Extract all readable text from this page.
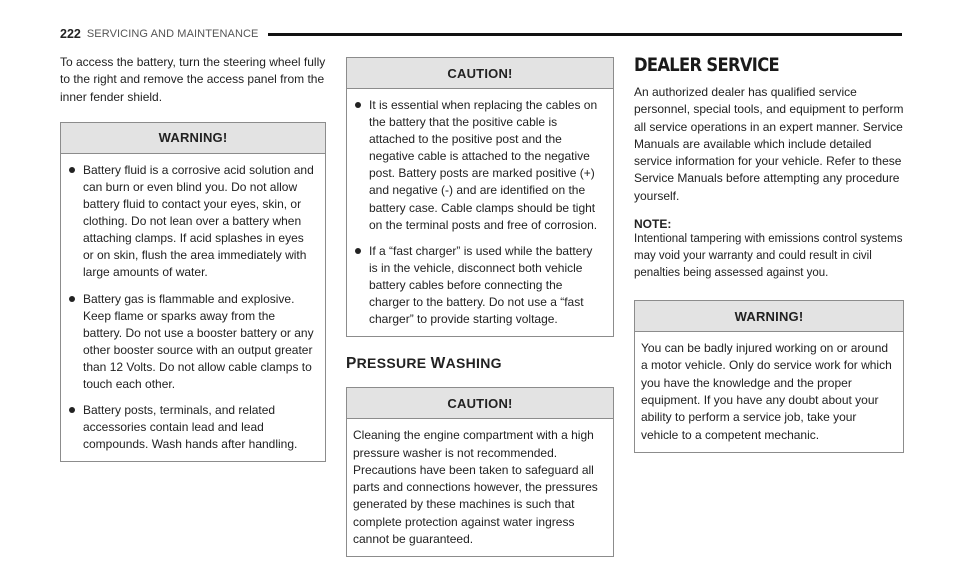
222 SERVICING AND MAINTENANCE

To access the battery, turn the steering wheel fully to the right and remove the access panel from the inner fender shield.

WARNING!
Battery fluid is a corrosive acid solution and can burn or even blind you. Do not allow battery fluid to contact your eyes, skin, or clothing. Do not lean over a battery when attaching clamps. If acid splashes in eyes or on skin, flush the area immediately with large amounts of water.
Battery gas is flammable and explosive. Keep flame or sparks away from the battery. Do not use a booster battery or any other booster source with an output greater than 12 Volts. Do not allow cable clamps to touch each other.
Battery posts, terminals, and related accessories contain lead and lead compounds. Wash hands after handling.
CAUTION!
It is essential when replacing the cables on the battery that the positive cable is attached to the positive post and the negative cable is attached to the negative post. Battery posts are marked positive (+) and negative (-) and are identified on the battery case. Cable clamps should be tight on the terminal posts and free of corrosion.
If a “fast charger” is used while the battery is in the vehicle, disconnect both vehicle battery cables before connecting the charger to the battery. Do not use a “fast charger” to provide starting voltage.
PRESSURE WASHING
CAUTION!

Cleaning the engine compartment with a high pressure washer is not recommended. Precautions have been taken to safeguard all parts and connections however, the pressures generated by these machines is such that complete protection against water ingress cannot be guaranteed.

DEALER SERVICE

An authorized dealer has qualified service personnel, special tools, and equipment to perform all service operations in an expert manner. Service Manuals are available which include detailed service information for your vehicle. Refer to these Service Manuals before attempting any procedure yourself.

NOTE:

Intentional tampering with emissions control systems may void your warranty and could result in civil penalties being assessed against you.

WARNING!

You can be badly injured working on or around a motor vehicle. Only do service work for which you have the knowledge and the proper equipment. If you have any doubt about your ability to perform a service job, take your vehicle to a competent mechanic.
